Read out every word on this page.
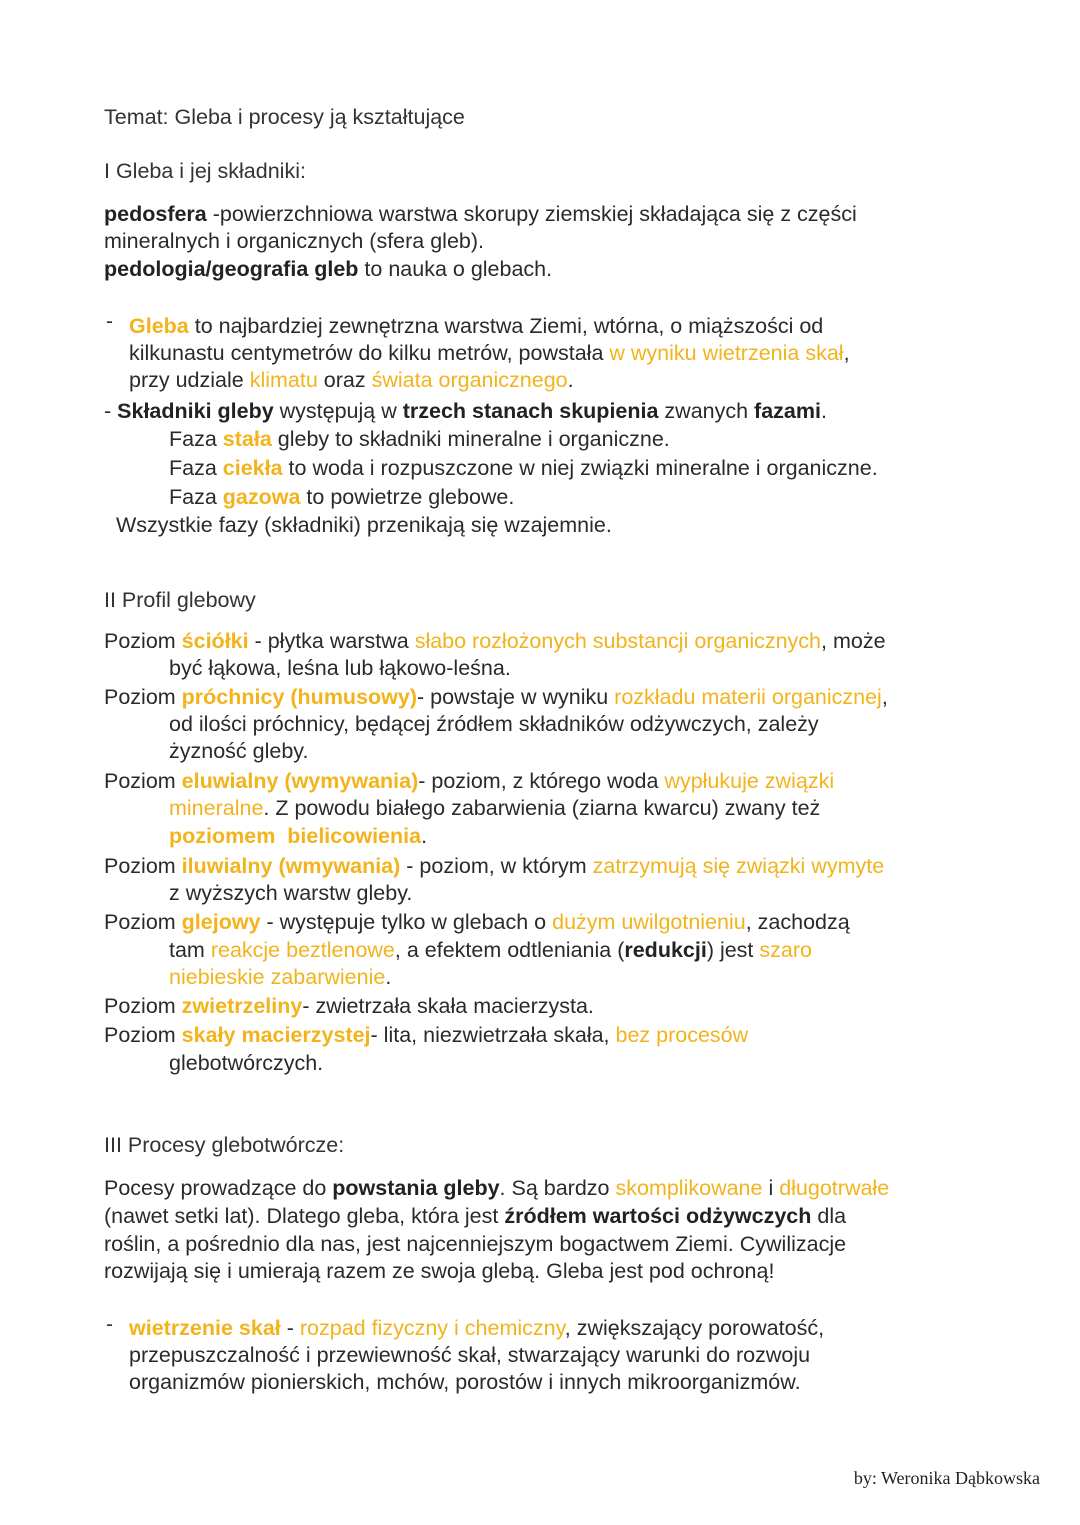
Temat: Gleba i procesy ją kształtujące
I Gleba i jej składniki:
pedosfera -powierzchniowa warstwa skorupy ziemskiej składająca się z części
mineralnych i organicznych (sfera gleb).
pedologia/geografia gleb to nauka o glebach.
- Gleba to najbardziej zewnętrzna warstwa Ziemi, wtórna, o miąższości od
kilkunastu centymetrów do kilku metrów, powstała w wyniku wietrzenia skał,
przy udziale klimatu oraz świata organicznego.
- Składniki gleby występują w trzech stanach skupienia zwanych fazami.
Faza stała gleby to składniki mineralne i organiczne.
Faza ciekła to woda i rozpuszczone w niej związki mineralne i organiczne.
Faza gazowa to powietrze glebowe.
Wszystkie fazy (składniki) przenikają się wzajemnie.
II Profil glebowy
Poziom ściółki - płytka warstwa słabo rozłożonych substancji organicznych, może
być łąkowa, leśna lub łąkowo-leśna.
Poziom próchnicy (humusowy)- powstaje w wyniku rozkładu materii organicznej,
od ilości próchnicy, będącej źródłem składników odżywczych, zależy
żyzność gleby.
Poziom eluwialny (wymywania)- poziom, z którego woda wypłukuje związki
mineralne. Z powodu białego zabarwienia (ziarna kwarcu) zwany też
poziomem  bielicowienia.
Poziom iluwialny (wmywania) - poziom, w którym zatrzymują się związki wymyte
z wyższych warstw gleby.
Poziom glejowy - występuje tylko w glebach o dużym uwilgotnieniu, zachodzą
tam reakcje beztlenowe, a efektem odtleniania (redukcji) jest szaro
niebieskie zabarwienie.
Poziom zwietrzeliny- zwietrzała skała macierzysta.
Poziom skały macierzystej- lita, niezwietrzała skała, bez procesów
glebotwórczych.
III Procesy glebotwórcze:
Pocesy prowadzące do powstania gleby. Są bardzo skomplikowane i długotrwałe
(nawet setki lat). Dlatego gleba, która jest źródłem wartości odżywczych dla
roślin, a pośrednio dla nas, jest najcenniejszym bogactwem Ziemi. Cywilizacje
rozwijają się i umierają razem ze swoja glebą. Gleba jest pod ochroną!
- wietrzenie skał - rozpad fizyczny i chemiczny, zwiększający porowatość,
przepuszczalność i przewiewność skał, stwarzający warunki do rozwoju
organizmów pionierskich, mchów, porostów i innych mikroorganizmów.
by: Weronika Dąbkowska
